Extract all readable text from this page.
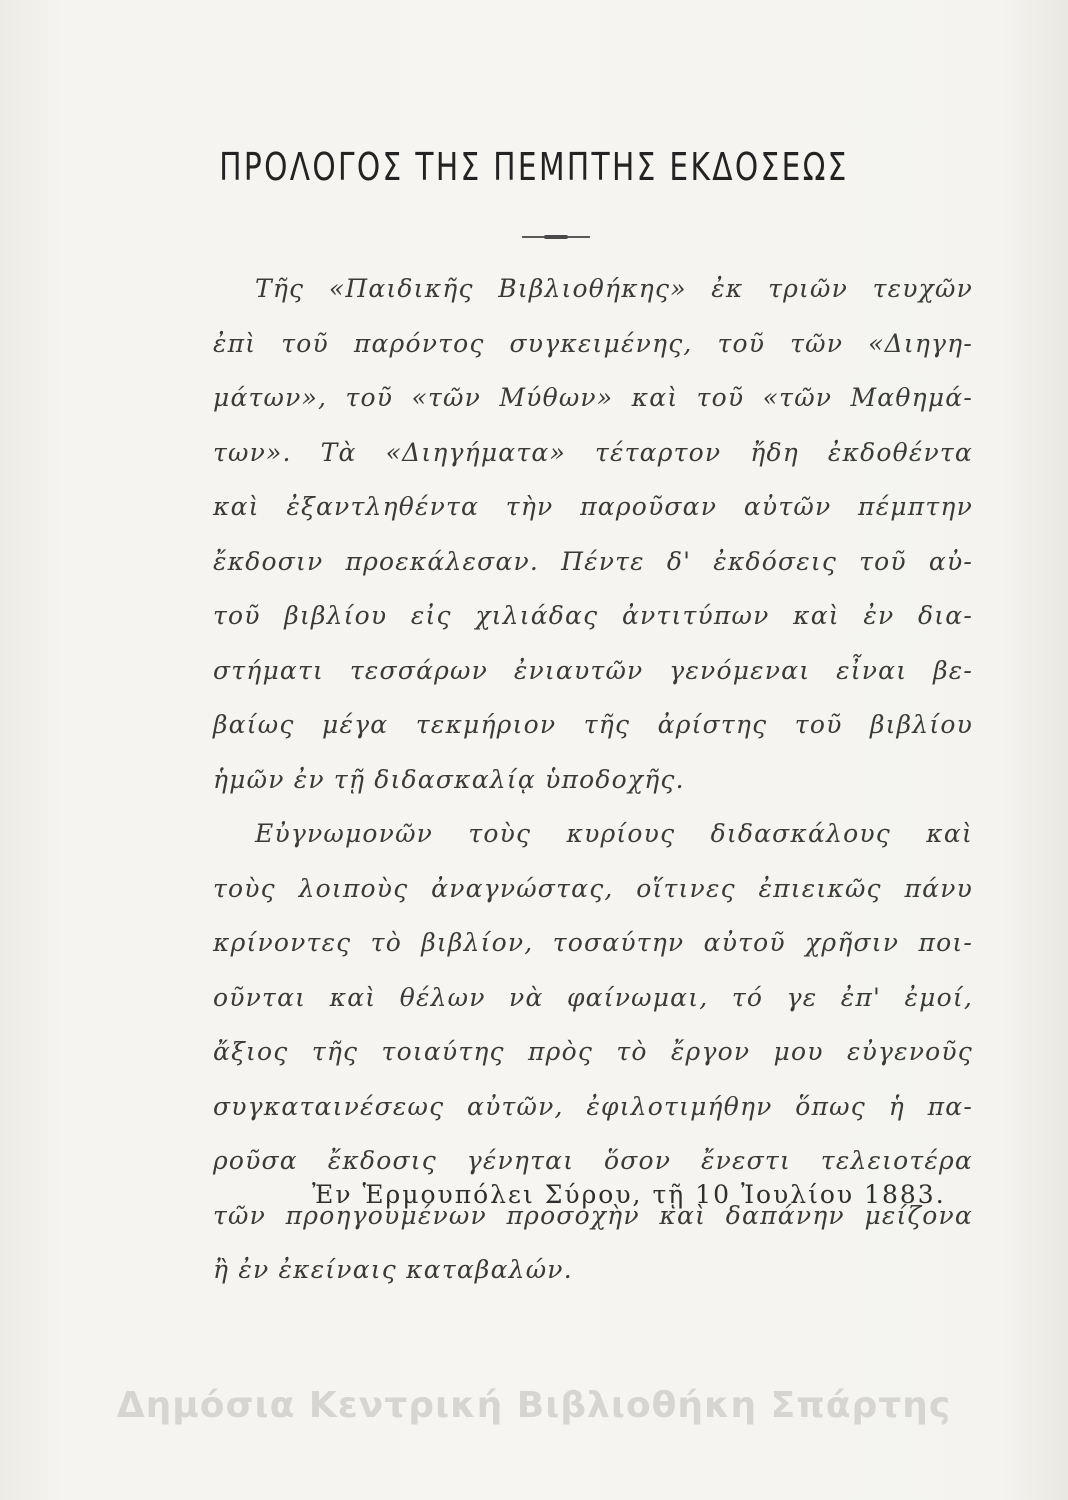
ΠΡΟΛΟΓΟΣ ΤΗΣ ΠΕΜΠΤΗΣ ΕΚΔΟΣΕΩΣ
Τῆς «Παιδικῆς Βιβλιοθήκης» ἐκ τριῶν τευχῶν
ἐπὶ τοῦ παρόντος συγκειμένης, τοῦ τῶν «Διηγη-
μάτων», τοῦ «τῶν Μύθων» καὶ τοῦ «τῶν Μαθημά-
των». Τὰ «Διηγήματα» τέταρτον ἤδη ἐκδοθέντα
καὶ ἐξαντληθέντα τὴν παροῦσαν αὐτῶν πέμπτην
ἔκδοσιν προεκάλεσαν. Πέντε δ' ἐκδόσεις τοῦ αὐ-
τοῦ βιβλίου εἰς χιλιάδας ἀντιτύπων καὶ ἐν δια-
στήματι τεσσάρων ἐνιαυτῶν γενόμεναι εἶναι βε-
βαίως μέγα τεκμήριον τῆς ἀρίστης τοῦ βιβλίου
ἡμῶν ἐν τῇ διδασκαλίᾳ ὑποδοχῆς.
Εὐγνωμονῶν τοὺς κυρίους διδασκάλους καὶ
τοὺς λοιποὺς ἀναγνώστας, οἵτινες ἐπιεικῶς πάνυ
κρίνοντες τὸ βιβλίον, τοσαύτην αὐτοῦ χρῆσιν ποι-
οῦνται καὶ θέλων νὰ φαίνωμαι, τό γε ἐπ' ἐμοί,
ἄξιος τῆς τοιαύτης πρὸς τὸ ἔργον μου εὐγενοῦς
συγκαταινέσεως αὐτῶν, ἐφιλοτιμήθην ὅπως ἡ πα-
ροῦσα ἔκδοσις γένηται ὅσον ἔνεστι τελειοτέρα
τῶν προηγουμένων προσοχὴν καὶ δαπάνην μείζονα
ἢ ἐν ἐκείναις καταβαλών.
Ἐν Ἑρμουπόλει Σύρου, τῇ 10 Ἰουλίου 1883.
Δημόσια Κεντρική Βιβλιοθήκη Σπάρτης
